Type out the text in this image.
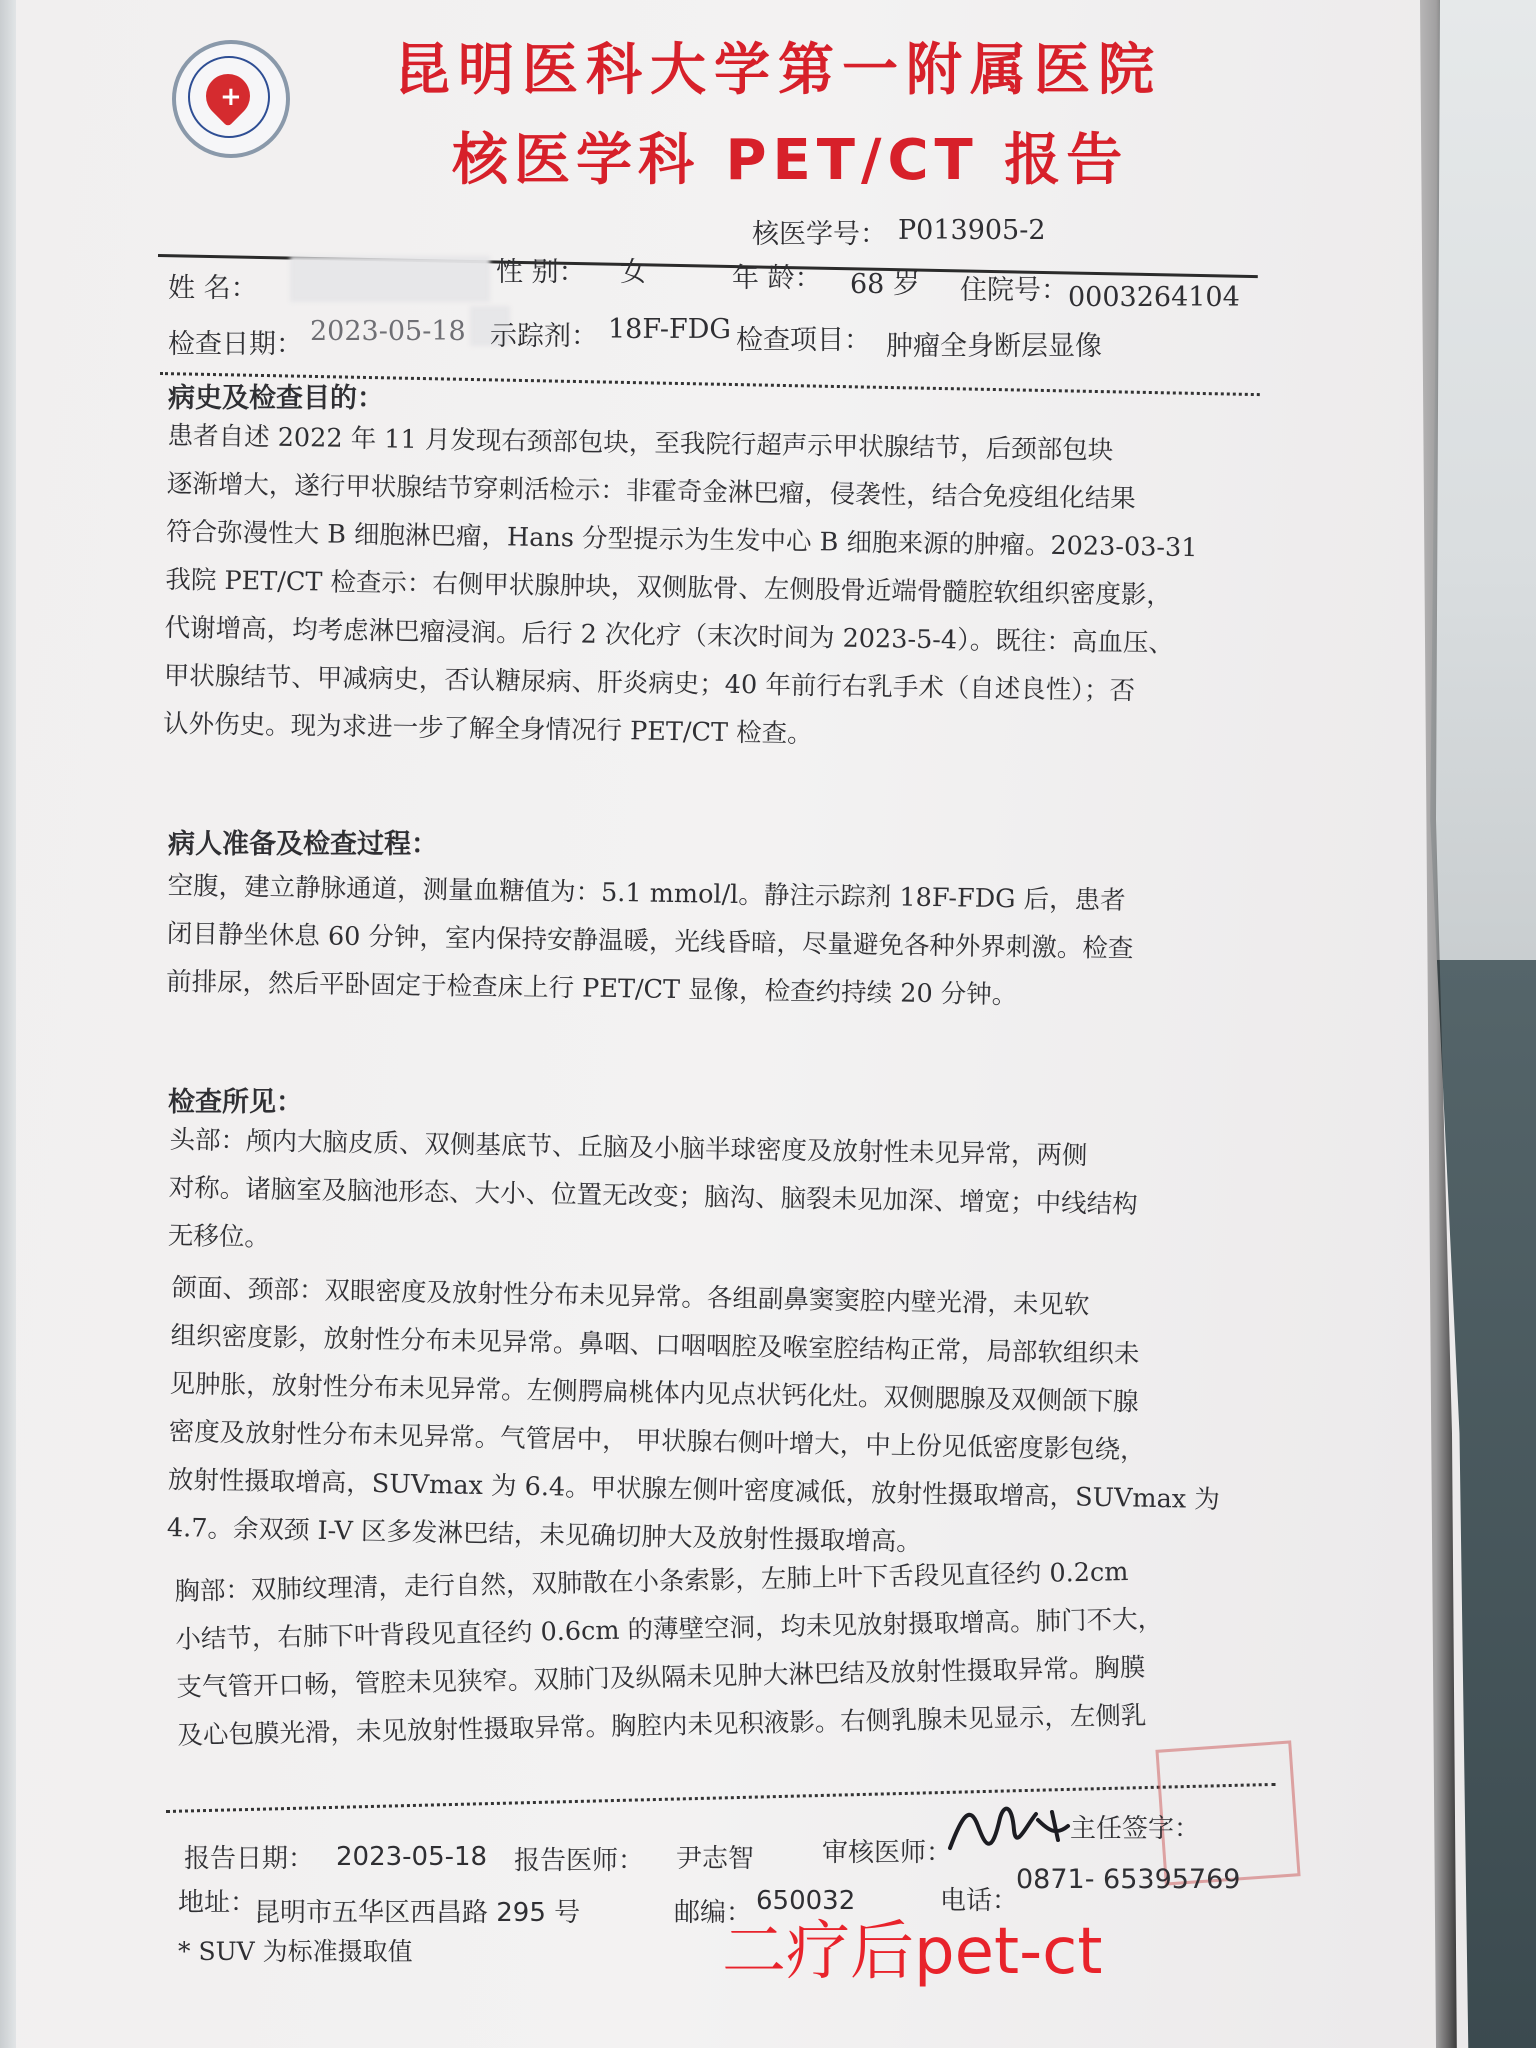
+	昆明医科大学第一附属医院
核医学科 PET/CT 报告
核医学号： P013905-2
姓 名：
性 别： 女	年 龄： 68 岁 住院号： 0003264104
检查日期： 2023-05-18 示踪剂： 18F-FDG 检查项目： 肿瘤全身断层显像
病史及检查目的：
患者自述 2022 年 11 月发现右颈部包块，至我院行超声示甲状腺结节，后颈部包块
逐渐增大，遂行甲状腺结节穿刺活检示：非霍奇金淋巴瘤，侵袭性，结合免疫组化结果
符合弥漫性大 B 细胞淋巴瘤，Hans 分型提示为生发中心 B 细胞来源的肿瘤。2023-03-31
我院 PET/CT 检查示：右侧甲状腺肿块，双侧肱骨、左侧股骨近端骨髓腔软组织密度影，
代谢增高，均考虑淋巴瘤浸润。后行 2 次化疗（末次时间为 2023-5-4）。既往：高血压、
甲状腺结节、甲减病史，否认糖尿病、肝炎病史；40 年前行右乳手术（自述良性）；否
认外伤史。现为求进一步了解全身情况行 PET/CT 检查。
病人准备及检查过程：
空腹，建立静脉通道，测量血糖值为：5.1 mmol/l。静注示踪剂 18F-FDG 后，患者
闭目静坐休息 60 分钟，室内保持安静温暖，光线昏暗，尽量避免各种外界刺激。检查
前排尿，然后平卧固定于检查床上行 PET/CT 显像，检查约持续 20 分钟。
检查所见：
头部：颅内大脑皮质、双侧基底节、丘脑及小脑半球密度及放射性未见异常，两侧
对称。诸脑室及脑池形态、大小、位置无改变；脑沟、脑裂未见加深、增宽；中线结构
无移位。
颌面、颈部：双眼密度及放射性分布未见异常。各组副鼻窦窦腔内壁光滑，未见软
组织密度影，放射性分布未见异常。鼻咽、口咽咽腔及喉室腔结构正常，局部软组织未
见肿胀，放射性分布未见异常。左侧腭扁桃体内见点状钙化灶。双侧腮腺及双侧颌下腺
密度及放射性分布未见异常。气管居中， 甲状腺右侧叶增大，中上份见低密度影包绕，
放射性摄取增高，SUVmax 为 6.4。甲状腺左侧叶密度减低，放射性摄取增高，SUVmax 为
4.7。余双颈 I-V 区多发淋巴结，未见确切肿大及放射性摄取增高。
胸部：双肺纹理清，走行自然，双肺散在小条索影，左肺上叶下舌段见直径约 0.2cm
小结节，右肺下叶背段见直径约 0.6cm 的薄壁空洞，均未见放射摄取增高。肺门不大，
支气管开口畅，管腔未见狭窄。双肺门及纵隔未见肿大淋巴结及放射性摄取异常。胸膜
及心包膜光滑，未见放射性摄取异常。胸腔内未见积液影。右侧乳腺未见显示，左侧乳
报告日期： 2023-05-18 报告医师： 尹志智	审核医师：
主任签字：
地址：
昆明市五华区西昌路 295 号	邮编： 650032	电话：
0871- 65395769
* SUV 为标准摄取值	二疗后pet-ct
